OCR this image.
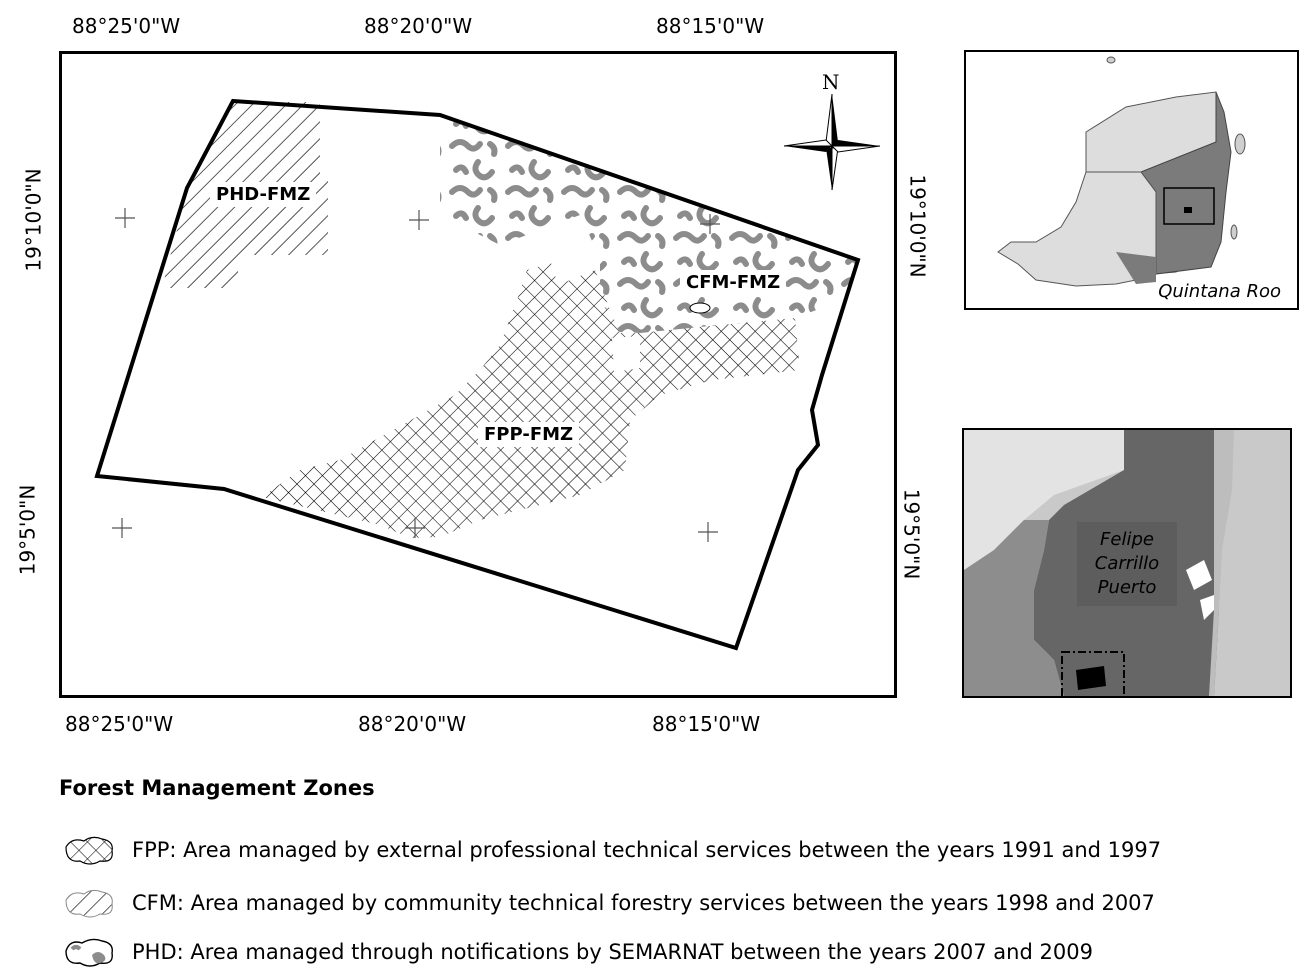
88°25'0"W	88°20'0"W	88°15'0"W
88°25'0"W	88°20'0"W	88°15'0"W
19°10'0"N
19°5'0"N
19°10'0"N
19°5'0"N
N
PHD-FMZ
CFM-FMZ
FPP-FMZ
Quintana Roo
Felipe
Carrillo
Puerto
Forest Management Zones
FPP: Area managed by external professional technical services between the years 1991 and 1997
CFM: Area managed by community technical forestry services between the years 1998 and 2007
PHD: Area managed through notifications by SEMARNAT between the years 2007 and 2009
